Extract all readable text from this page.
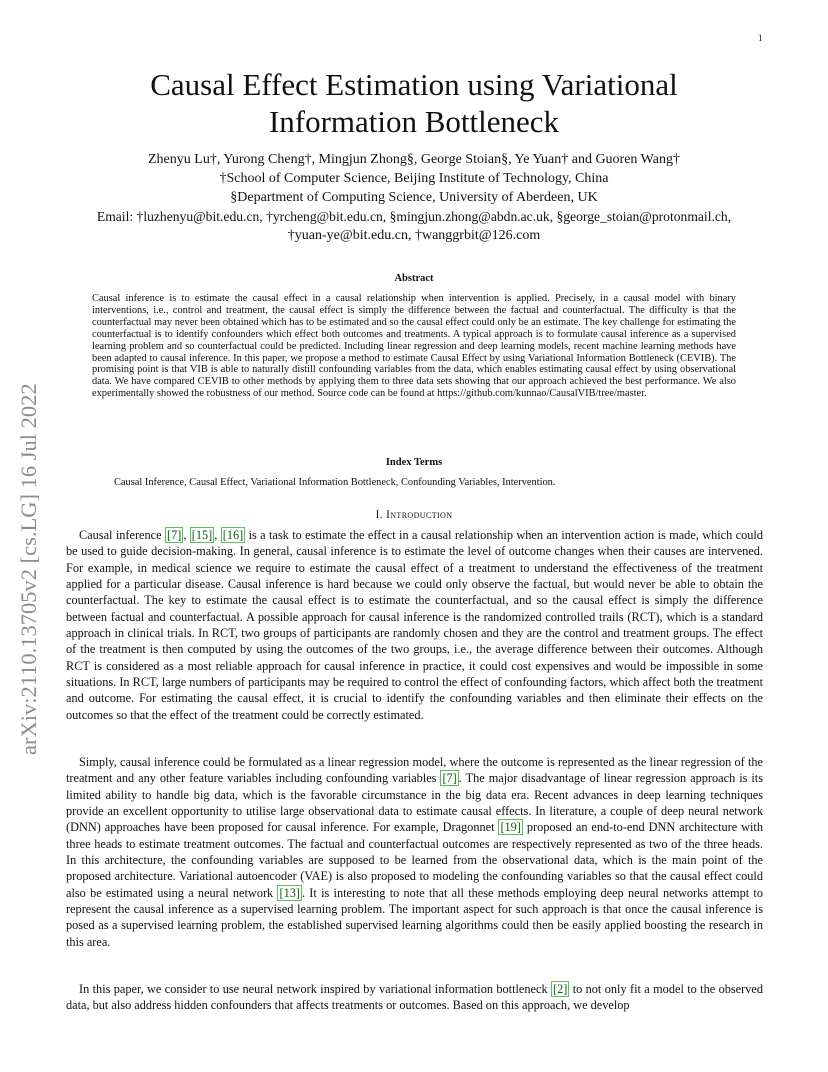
1
arXiv:2110.13705v2 [cs.LG] 16 Jul 2022
Causal Effect Estimation using Variational
Information Bottleneck
Zhenyu Lu†, Yurong Cheng†, Mingjun Zhong§, George Stoian§, Ye Yuan† and Guoren Wang†
†School of Computer Science, Beijing Institute of Technology, China
§Department of Computing Science, University of Aberdeen, UK
Email: †luzhenyu@bit.edu.cn, †yrcheng@bit.edu.cn, §mingjun.zhong@abdn.ac.uk, §george_stoian@protonmail.ch,
†yuan-ye@bit.edu.cn, †wanggrbit@126.com
Abstract
Causal inference is to estimate the causal effect in a causal relationship when intervention is applied. Precisely, in a causal model with binary interventions, i.e., control and treatment, the causal effect is simply the difference between the factual and counterfactual. The difficulty is that the counterfactual may never been obtained which has to be estimated and so the causal effect could only be an estimate. The key challenge for estimating the counterfactual is to identify confounders which effect both outcomes and treatments. A typical approach is to formulate causal inference as a supervised learning problem and so counterfactual could be predicted. Including linear regression and deep learning models, recent machine learning methods have been adapted to causal inference. In this paper, we propose a method to estimate Causal Effect by using Variational Information Bottleneck (CEVIB). The promising point is that VIB is able to naturally distill confounding variables from the data, which enables estimating causal effect by using observational data. We have compared CEVIB to other methods by applying them to three data sets showing that our approach achieved the best performance. We also experimentally showed the robustness of our method. Source code can be found at https://github.com/kunnao/CausalVIB/tree/master.
Index Terms
Causal Inference, Causal Effect, Variational Information Bottleneck, Confounding Variables, Intervention.
I. Introduction

Causal inference [7] , [15] , [16] is a task to estimate the effect in a causal relationship when an intervention action is made, which could be used to guide decision-making. In general, causal inference is to estimate the level of outcome changes when their causes are intervened. For example, in medical science we require to estimate the causal effect of a treatment to understand the effectiveness of the treatment applied for a particular disease. Causal inference is hard because we could only observe the factual, but would never be able to obtain the counterfactual. The key to estimate the causal effect is to estimate the counterfactual, and so the causal effect is simply the difference between factual and counterfactual. A possible approach for causal inference is the randomized controlled trails (RCT), which is a standard approach in clinical trials. In RCT, two groups of participants are randomly chosen and they are the control and treatment groups. The effect of the treatment is then computed by using the outcomes of the two groups, i.e., the average difference between their outcomes. Although RCT is considered as a most reliable approach for causal inference in practice, it could cost expensives and would be impossible in some situations. In RCT, large numbers of participants may be required to control the effect of confounding factors, which affect both the treatment and outcome. For estimating the causal effect, it is crucial to identify the confounding variables and then eliminate their effects on the outcomes so that the effect of the treatment could be correctly estimated.

Simply, causal inference could be formulated as a linear regression model, where the outcome is represented as the linear regression of the treatment and any other feature variables including confounding variables [7] . The major disadvantage of linear regression approach is its limited ability to handle big data, which is the favorable circumstance in the big data era. Recent advances in deep learning techniques provide an excellent opportunity to utilise large observational data to estimate causal effects. In literature, a couple of deep neural network (DNN) approaches have been proposed for causal inference. For example, Dragonnet [19] proposed an end-to-end DNN architecture with three heads to estimate treatment outcomes. The factual and counterfactual outcomes are respectively represented as two of the three heads. In this architecture, the confounding variables are supposed to be learned from the observational data, which is the main point of the proposed architecture. Variational autoencoder (VAE) is also proposed to modeling the confounding variables so that the causal effect could also be estimated using a neural network [13] . It is interesting to note that all these methods employing deep neural networks attempt to represent the causal inference as a supervised learning problem. The important aspect for such approach is that once the causal inference is posed as a supervised learning problem, the established supervised learning algorithms could then be easily applied boosting the research in this area.

In this paper, we consider to use neural network inspired by variational information bottleneck [2] to not only fit a model to the observed data, but also address hidden confounders that affects treatments or outcomes. Based on this approach, we develop
